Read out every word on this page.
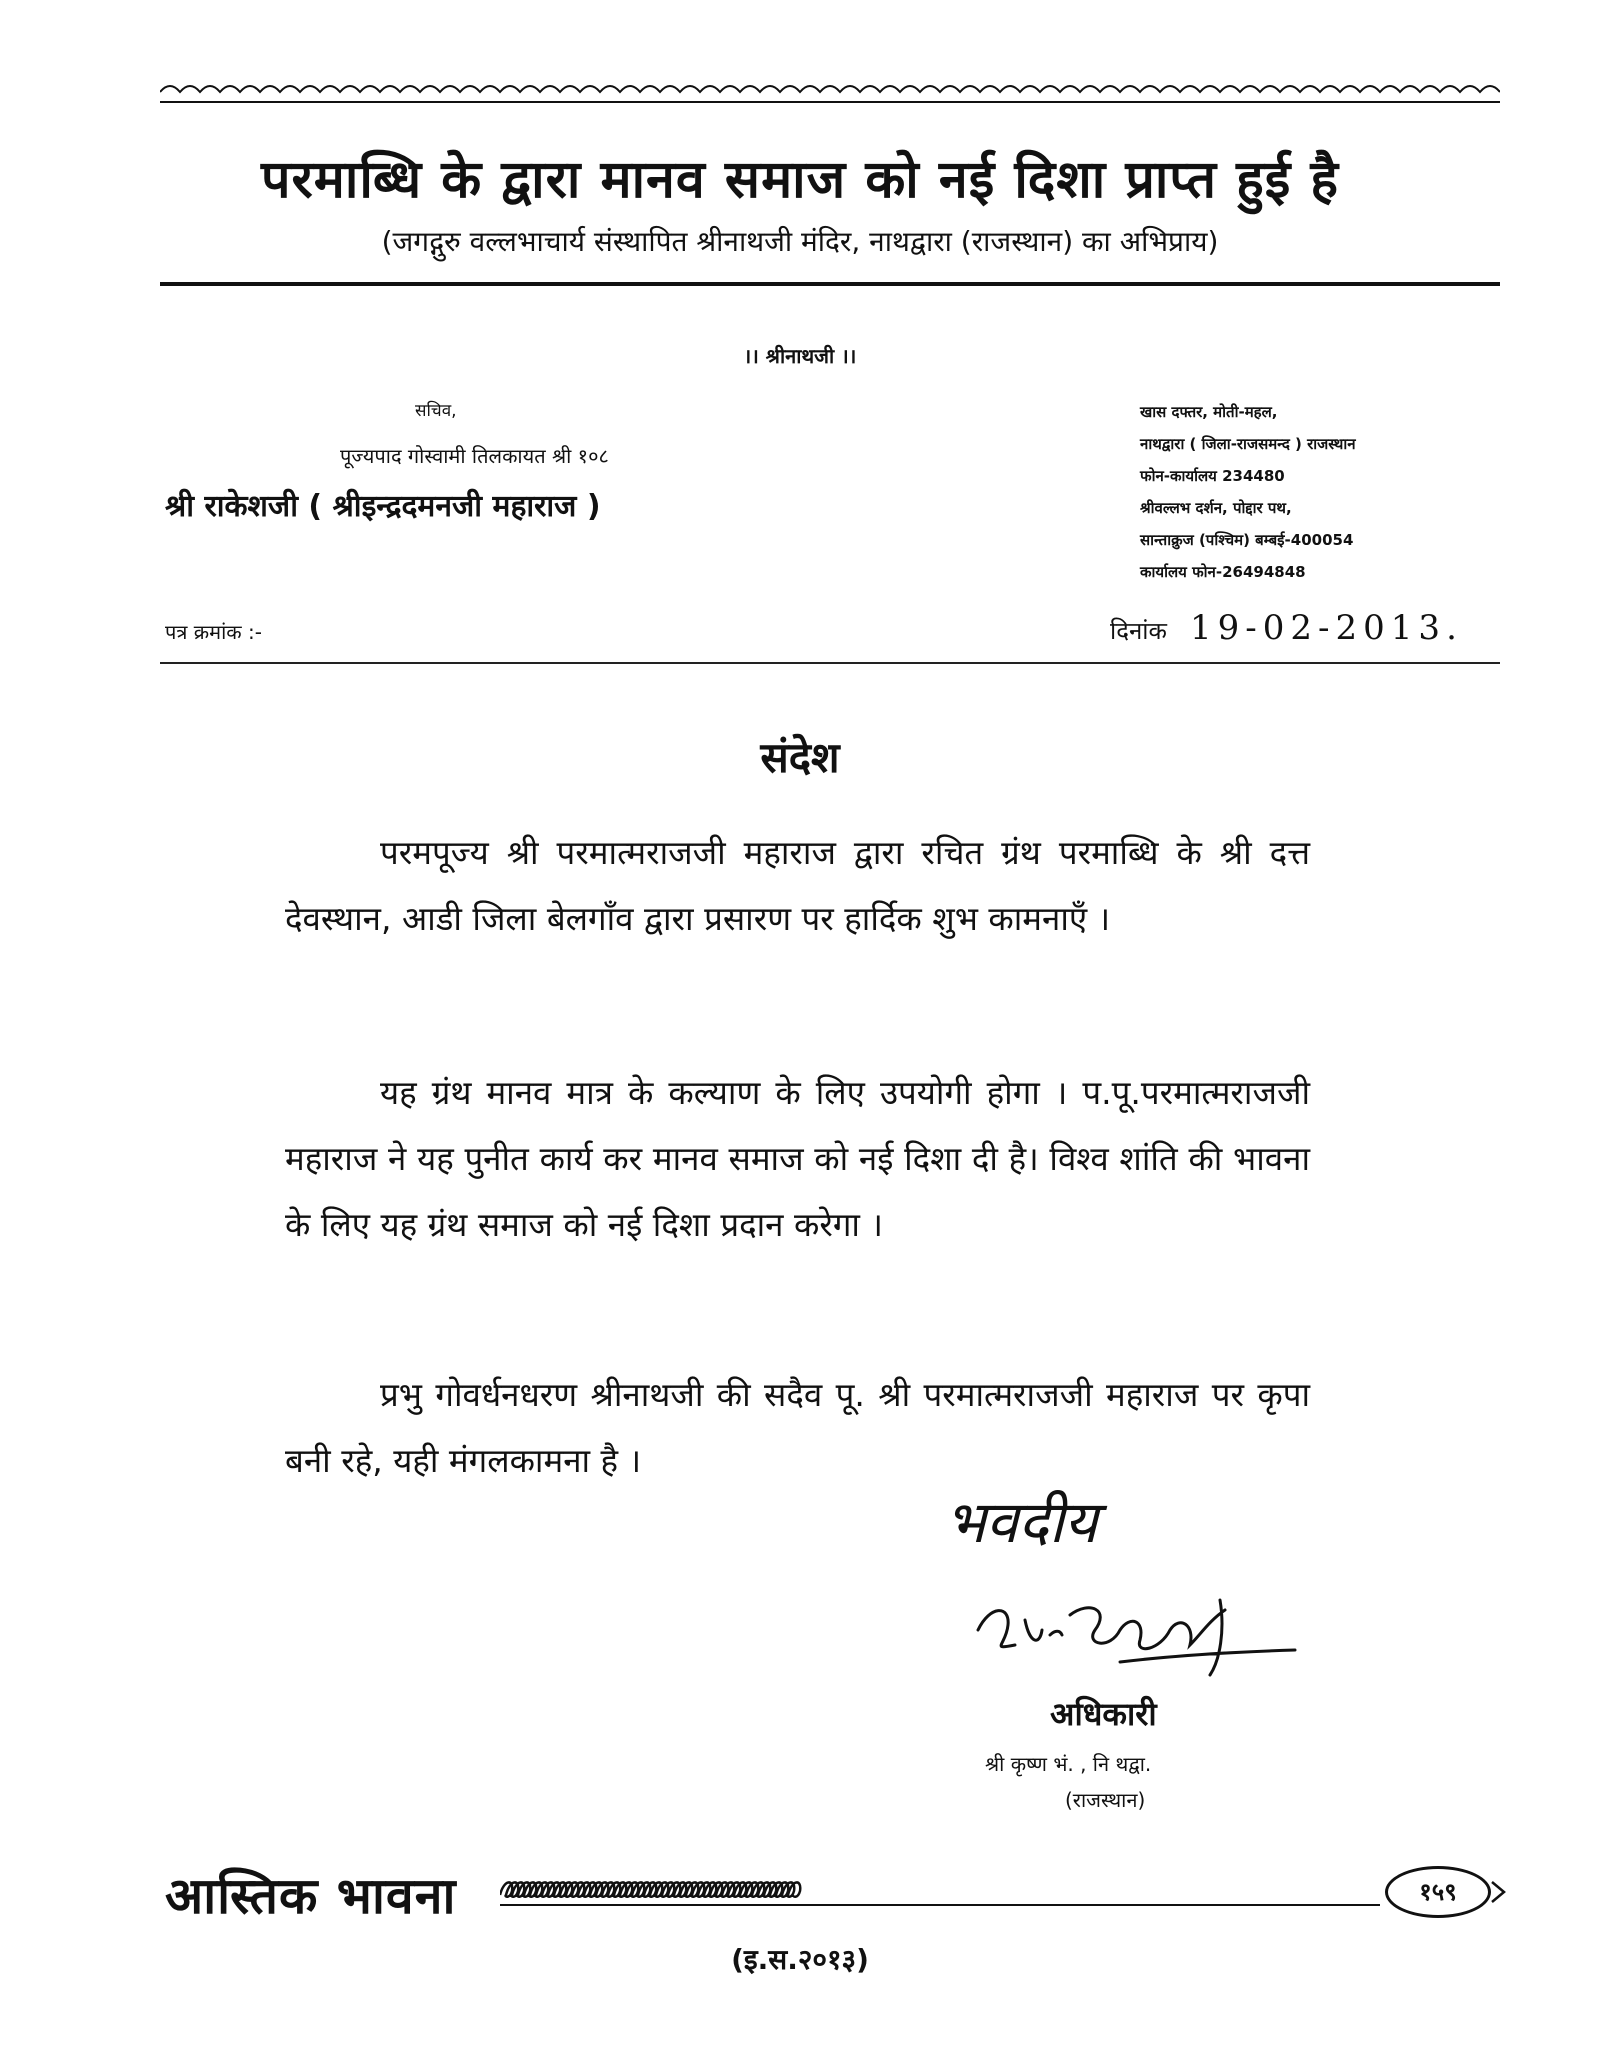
परमाब्धि के द्वारा मानव समाज को नई दिशा प्राप्त हुई है
(जगद्गुरु वल्लभाचार्य संस्थापित श्रीनाथजी मंदिर, नाथद्वारा (राजस्थान) का अभिप्राय)
।। श्रीनाथजी ।।
सचिव,
पूज्यपाद गोस्वामी तिलकायत श्री १०८
श्री राकेशजी ( श्रीइन्द्रदमनजी महाराज )
खास दफ्तर, मोती-महल,
नाथद्वारा ( जिला-राजसमन्द ) राजस्थान
फोन-कार्यालय 234480
श्रीवल्लभ दर्शन, पोद्दार पथ,
सान्ताक्रुज (पश्चिम) बम्बई-400054
कार्यालय फोन-26494848
पत्र क्रमांक :-	दिनांक 19-02-2013.
संदेश

परमपूज्य श्री परमात्मराजजी महाराज द्वारा रचित ग्रंथ परमाब्धि के श्री दत्त देवस्थान, आडी जिला बेलगाँव द्वारा प्रसारण पर हार्दिक शुभ कामनाएँ ।

यह ग्रंथ मानव मात्र के कल्याण के लिए उपयोगी होगा । प.पू.परमात्मराजजी महाराज ने यह पुनीत कार्य कर मानव समाज को नई दिशा दी है। विश्व शांति की भावना के लिए यह ग्रंथ समाज को नई दिशा प्रदान करेगा ।

प्रभु गोवर्धनधरण श्रीनाथजी की सदैव पू. श्री परमात्मराजजी महाराज पर कृपा बनी रहे, यही मंगलकामना है ।

भवदीय
अधिकारी
श्री कृष्ण भं. , नि थद्वा.
(राजस्थान)
आस्तिक भावना	१५९
(इ.स.२०१३)
